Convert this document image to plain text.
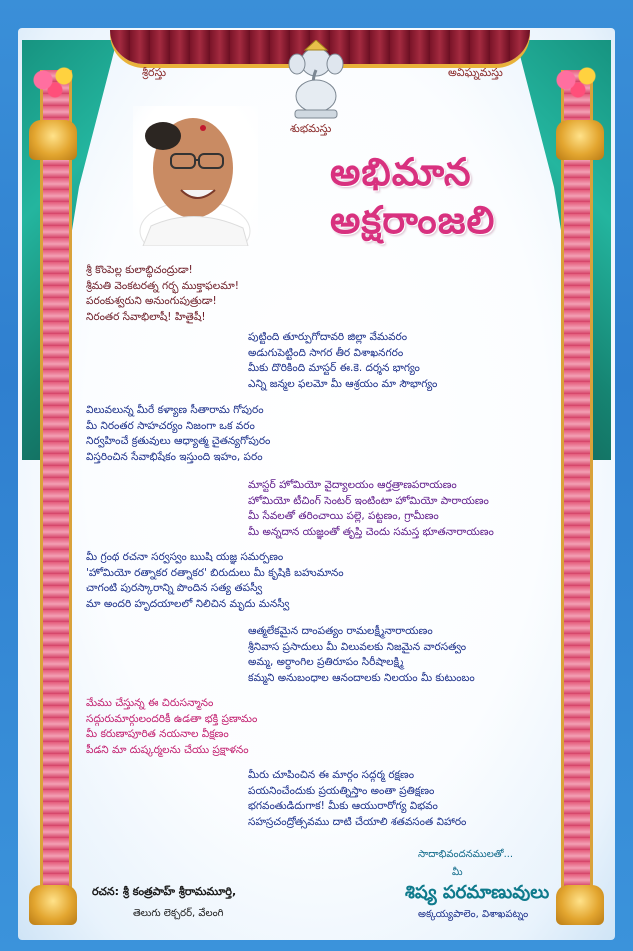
శ్రీరస్తు	అవిఘ్నమస్తు
శుభమస్తు
అభిమాన
అక్షరాంజలి
శ్రీ కొంపెల్ల కులాబ్ధిచంద్రుడా!
శ్రీమతి వెంకటరత్న గర్భ ముక్తాఫలమా!
పరంకుశ్వరుని అనుంగుపుత్రుడా!
నిరంతర సేవాభిలాషీ! హితైషీ!
పుట్టింది తూర్పుగోదావరి జిల్లా వేమవరం
అడుగుపెట్టింది సాగర తీర విశాఖనగరం
మీకు దొరికింది మాస్టర్ ఈ.కె. దర్శన భాగ్యం
ఎన్ని జన్మల ఫలమో మీ ఆశ్రయం మా సౌభాగ్యం
విలువలున్న మీరే కళ్యాణ సీతారామ గోపురం
మీ నిరంతర సాహచర్యం నిజంగా ఒక వరం
నిర్వహించే క్రతువులు ఆధ్యాత్మ చైతన్యగోపురం
విస్తరించిన సేవాభిషేకం ఇస్తుంది ఇహం, పరం
మాస్టర్ హోమియో వైద్యాలయం ఆర్తత్రాణపరాయణం
హోమియో టీచింగ్ సెంటర్ ఇంటింటా హోమియో పారాయణం
మీ సేవలతో తరించాయి పల్లె, పట్టణం, గ్రామీణం
మీ అన్నదాన యజ్ఞంతో తృప్తి చెందు సమస్త భూతనారాయణం
మీ గ్రంథ రచనా సర్వస్వం ఋషి యజ్ఞ సమర్పణం
'హోమియో రత్నాకర రత్నాకర' బిరుదులు మీ కృషికి బహుమానం
చాగంటి పురస్కారాన్ని పొందిన సత్య తపస్వీ
మా అందరి హృదయాలలో నిలిచిన మృదు మనస్వీ
ఆత్మలేకమైన దాంపత్యం రామలక్ష్మీనారాయణం
శ్రీనివాస ప్రసాదులు మీ విలువలకు నిజమైన వారసత్వం
అమ్మ, అర్ధాంగిల ప్రతిరూపం సిరీషాలక్ష్మి
కమ్మని అనుబంధాల ఆనందాలకు నిలయం మీ కుటుంబం
మేము చేస్తున్న ఈ చిరుసన్మానం
సద్గురుమార్గులందరికీ ఉడతా భక్తి ప్రణామం
మీ కరుణాపూరిత నయనాల వీక్షణం
పీడని మా దుష్కర్మలను చేయు ప్రక్షాళనం
మీరు చూపించిన ఈ మార్గం సద్గర్మ రక్షణం
పయనించేందుకు ప్రయత్నిస్తాం అంతా ప్రతిక్షణం
భగవంతుడిదుగాక! మీకు ఆయురారోగ్య విభవం
సహస్రచంద్రోత్సవము దాటి చేయాలి శతవసంత విహారం
సాదాభివందనములతో...
మీ
శిష్య పరమాణువులు
అక్కయ్యపాలెం, విశాఖపట్నం
రచన: శ్రీ కంత్రపాహ్ శ్రీరామమూర్తి,
తెలుగు లెక్చరర్, వేలంగి
